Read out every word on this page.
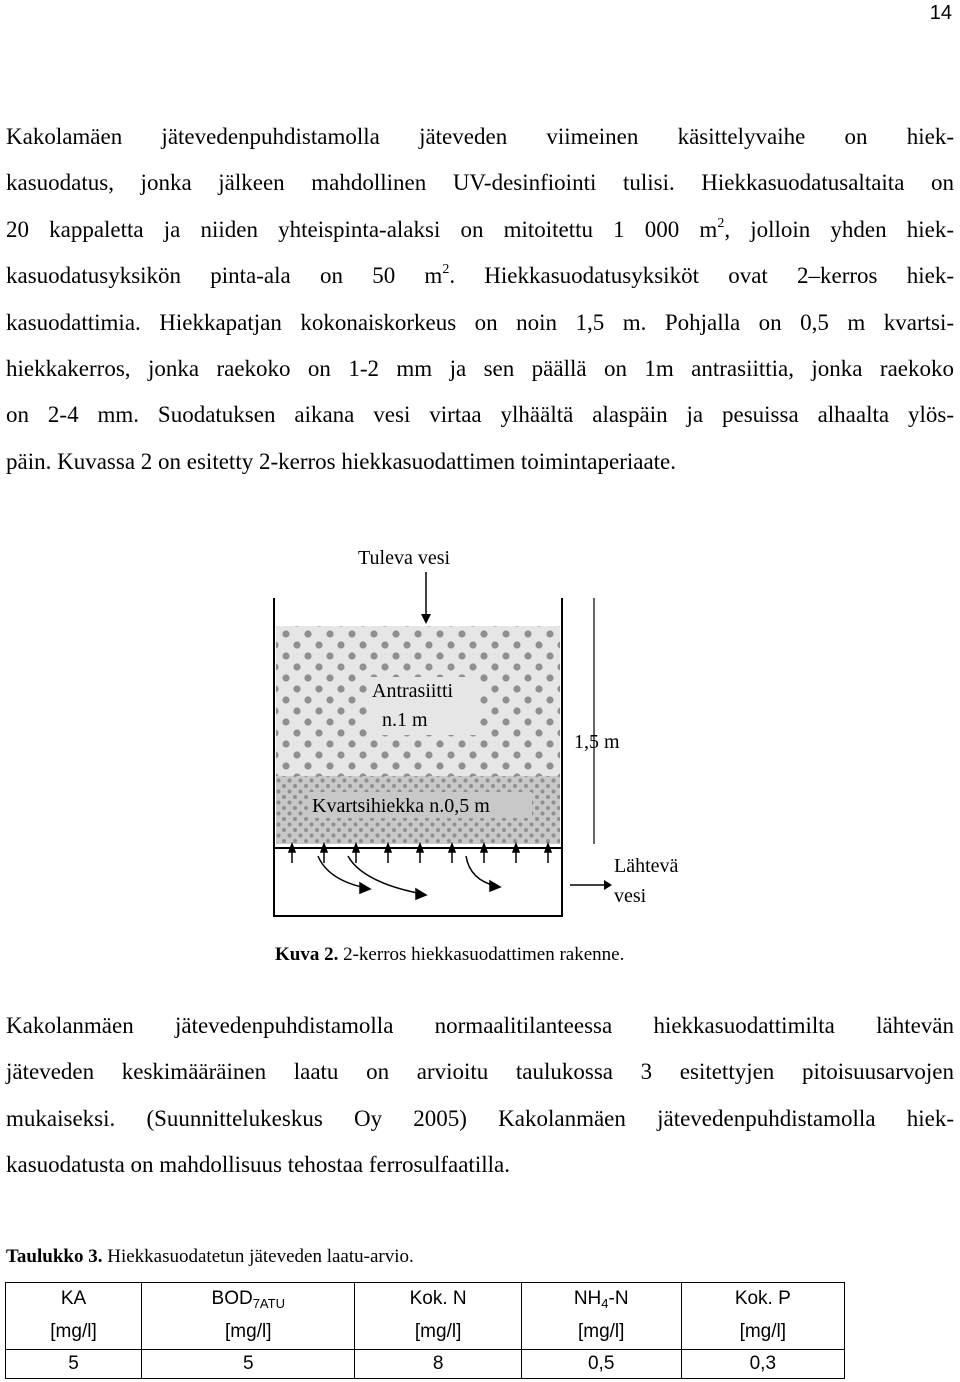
14

Kakolamäen jätevedenpuhdistamolla jäteveden viimeinen käsittelyvaihe on hiek-
kasuodatus, jonka jälkeen mahdollinen UV-desinfiointi tulisi. Hiekkasuodatusaltaita on
20 kappaletta ja niiden yhteispinta-alaksi on mitoitettu 1 000 $m^2$, jolloin yhden hiek-
kasuodatusyksikön pinta-ala on 50 $m^2$. Hiekkasuodatusyksiköt ovat 2–kerros hiek-
kasuodattimia. Hiekkapatjan kokonaiskorkeus on noin 1,5 m. Pohjalla on 0,5 m kvartsi-
hiekkakerros, jonka raekoko on 1-2 mm ja sen päällä on 1m antrasiittia, jonka raekoko
on 2-4 mm. Suodatuksen aikana vesi virtaa ylhäältä alaspäin ja pesuissa alhaalta ylös-
päin. Kuvassa 2 on esitetty 2-kerros hiekkasuodattimen toimintaperiaate.

Tuleva vesi
Antrasiitti
n.1 m
Kvartsihiekka n.0,5 m
1,5 m
Lähtevä
vesi
Kuva 2. 2-kerros hiekkasuodattimen rakenne.

Kakolanmäen jätevedenpuhdistamolla normaalitilanteessa hiekkasuodattimilta lähtevän
jäteveden keskimääräinen laatu on arvioitu taulukossa 3 esitettyjen pitoisuusarvojen
mukaiseksi. (Suunnittelukeskus Oy 2005) Kakolanmäen jätevedenpuhdistamolla hiek-
kasuodatusta on mahdollisuus tehostaa ferrosulfaatilla.

Taulukko 3. Hiekkasuodatetun jäteveden laatu-arvio.
KA	$BOD_{7ATU}$	Kok. N	$NH_4-N$	Kok. P
[mg/l]	[mg/l]	[mg/l]	[mg/l]	[mg/l]
5	5	8	0,5	0,3
